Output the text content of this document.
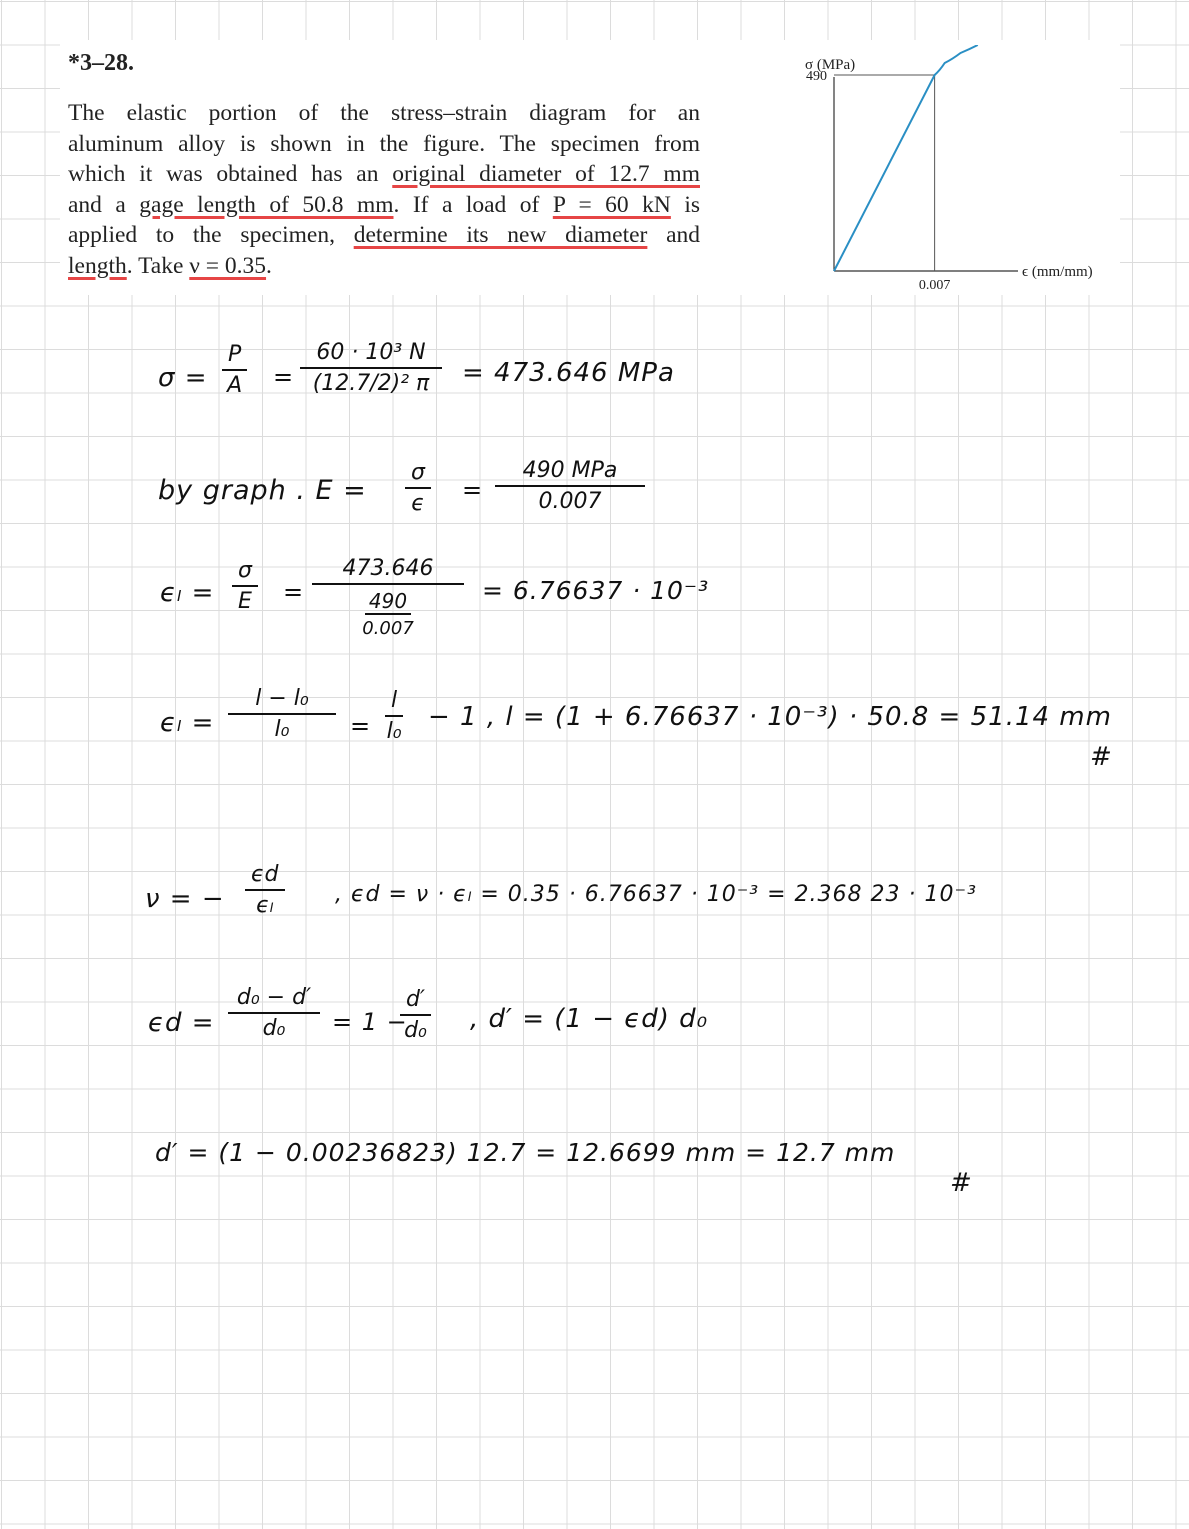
*3–28.
The elastic portion of the stress–strain diagram for an
aluminum alloy is shown in the figure. The specimen from
which it was obtained has an original diameter of 12.7 mm
and a gage length of 50.8 mm. If a load of P = 60 kN is
applied to the specimen, determine its new diameter and
length. Take ν = 0.35.
σ (MPa)
ϵ (mm/mm)
490
0.007
$\sigma = \frac{P}{A} = \frac{\text{60 · 10³ N}}{\text{(12.7/2)² π}} = 473.646$ MPa
by graph . $E = \frac{\sigma}{\epsilon}$ =
490 MPa
0.007
$\epsilon_l = \frac{\sigma}{E}$ =
473.646
490
0.007
= 6.76637 · 10⁻³
$\epsilon_l = \frac{\text{l − l₀}}{\text{l₀}} = \frac{l}{\text{l₀}} - 1$ , l = (1 + 6.76637 · 10⁻³) · 50.8 = 51.14 mm
#
ν = − $\frac{\epsilon d}{\text{ϵₗ}}$ , ϵd = ν · ϵₗ = 0.35 · 6.76637 · 10⁻³ = 2.368 23 · 10⁻³
$\epsilon d = \frac{\text{d₀ − d′}}{\text{d₀}} = 1$ −
$\frac{d'}{\text{d₀}}$ , d′ = (1 − ϵd) d₀
d′ = (1 − 0.00236823) 12.7 = 12.6699 mm = 12.7 mm
#
